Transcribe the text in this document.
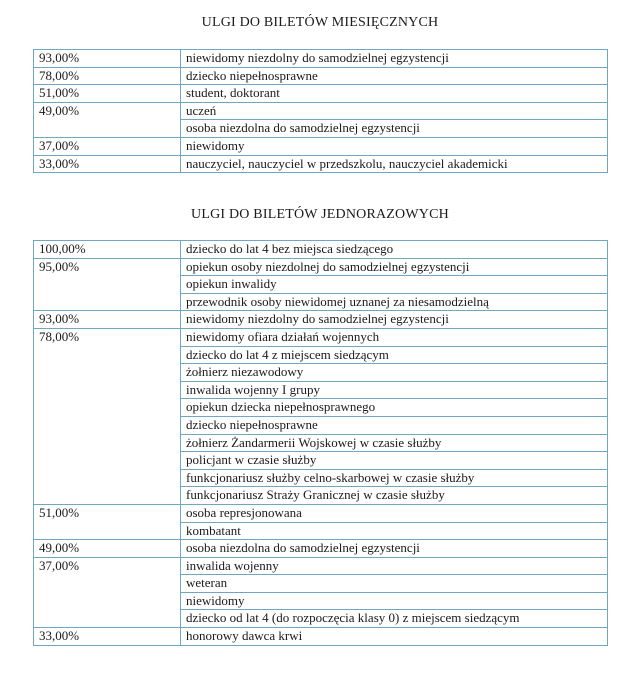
ULGI DO BILETÓW MIESIĘCZNYCH
93,00%	niewidomy niezdolny do samodzielnej egzystencji
78,00%	dziecko niepełnosprawne
51,00%	student, doktorant
49,00%	uczeń
	osoba niezdolna do samodzielnej egzystencji
37,00%	niewidomy
33,00%	nauczyciel, nauczyciel w przedszkolu, nauczyciel akademicki
ULGI DO BILETÓW JEDNORAZOWYCH
100,00%	dziecko do lat 4 bez miejsca siedzącego
95,00%	opiekun osoby niezdolnej do samodzielnej egzystencji
	opiekun inwalidy
	przewodnik osoby niewidomej uznanej za niesamodzielną
93,00%	niewidomy niezdolny do samodzielnej egzystencji
78,00%	niewidomy ofiara działań wojennych
	dziecko do lat 4 z miejscem siedzącym
	żołnierz niezawodowy
	inwalida wojenny I grupy
	opiekun dziecka niepełnosprawnego
	dziecko niepełnosprawne
	żołnierz Żandarmerii Wojskowej w czasie służby
	policjant w czasie służby
	funkcjonariusz służby celno-skarbowej w czasie służby
	funkcjonariusz Straży Granicznej w czasie służby
51,00%	osoba represjonowana
	kombatant
49,00%	osoba niezdolna do samodzielnej egzystencji
37,00%	inwalida wojenny
	weteran
	niewidomy
	dziecko od lat 4 (do rozpoczęcia klasy 0) z miejscem siedzącym
33,00%	honorowy dawca krwi
